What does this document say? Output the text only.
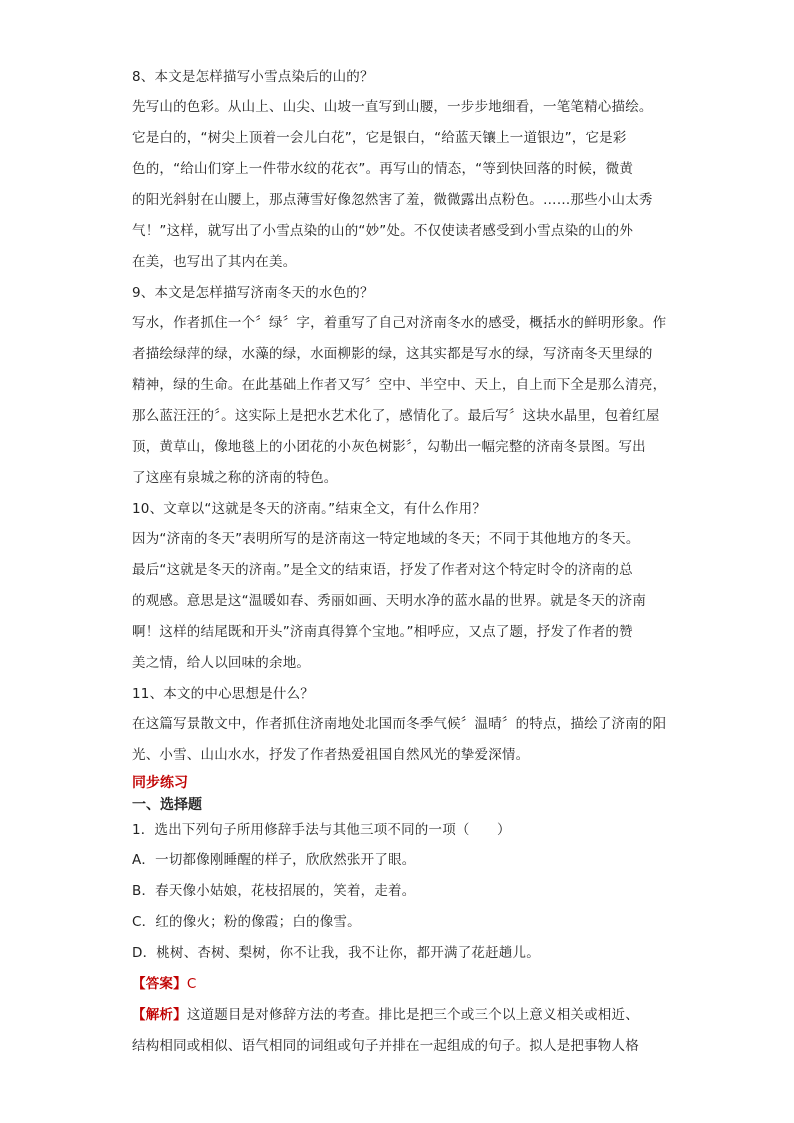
8、本文是怎样描写小雪点染后的山的？
先写山的色彩。从山上、山尖、山坡一直写到山腰，一步步地细看，一笔笔精心描绘。
它是白的，“树尖上顶着一会儿白花”，它是银白，“给蓝天镶上一道银边”，它是彩
色的，“给山们穿上一件带水纹的花衣”。再写山的情态，“等到快回落的时候，微黄
的阳光斜射在山腰上，那点薄雪好像忽然害了羞，微微露出点粉色。……那些小山太秀
气！”这样，就写出了小雪点染的山的“妙”处。不仅使读者感受到小雪点染的山的外
在美，也写出了其内在美。
9、本文是怎样描写济南冬天的水色的？
写水，作者抓住一个〞绿〞字，着重写了自己对济南冬水的感受，概括水的鲜明形象。作
者描绘绿萍的绿，水藻的绿，水面柳影的绿，这其实都是写水的绿，写济南冬天里绿的
精神，绿的生命。在此基础上作者又写〞空中、半空中、天上，自上而下全是那么清亮，
那么蓝汪汪的〞。这实际上是把水艺术化了，感情化了。最后写〞这块水晶里，包着红屋
顶，黄草山，像地毯上的小团花的小灰色树影〞，勾勒出一幅完整的济南冬景图。写出
了这座有泉城之称的济南的特色。
10、文章以“这就是冬天的济南。”结束全文，有什么作用？
因为“济南的冬天”表明所写的是济南这一特定地域的冬天；不同于其他地方的冬天。
最后“这就是冬天的济南。”是全文的结束语，抒发了作者对这个特定时令的济南的总
的观感。意思是这“温暖如春、秀丽如画、天明水净的蓝水晶的世界。就是冬天的济南
啊！这样的结尾既和开头”济南真得算个宝地。”相呼应，又点了题，抒发了作者的赞
美之情，给人以回味的余地。
11、本文的中心思想是什么？
在这篇写景散文中，作者抓住济南地处北国而冬季气候〞温晴〞的特点，描绘了济南的阳
光、小雪、山山水水，抒发了作者热爱祖国自然风光的挚爱深情。
同步练习
一、选择题
1．选出下列句子所用修辞手法与其他三项不同的一项（　　）
A．一切都像刚睡醒的样子，欣欣然张开了眼。
B．春天像小姑娘，花枝招展的，笑着，走着。
C．红的像火；粉的像霞；白的像雪。
D．桃树、杏树、梨树，你不让我，我不让你，都开满了花赶趟儿。
【答案】C
【解析】这道题目是对修辞方法的考查。排比是把三个或三个以上意义相关或相近、
结构相同或相似、语气相同的词组或句子并排在一起组成的句子。拟人是把事物人格
